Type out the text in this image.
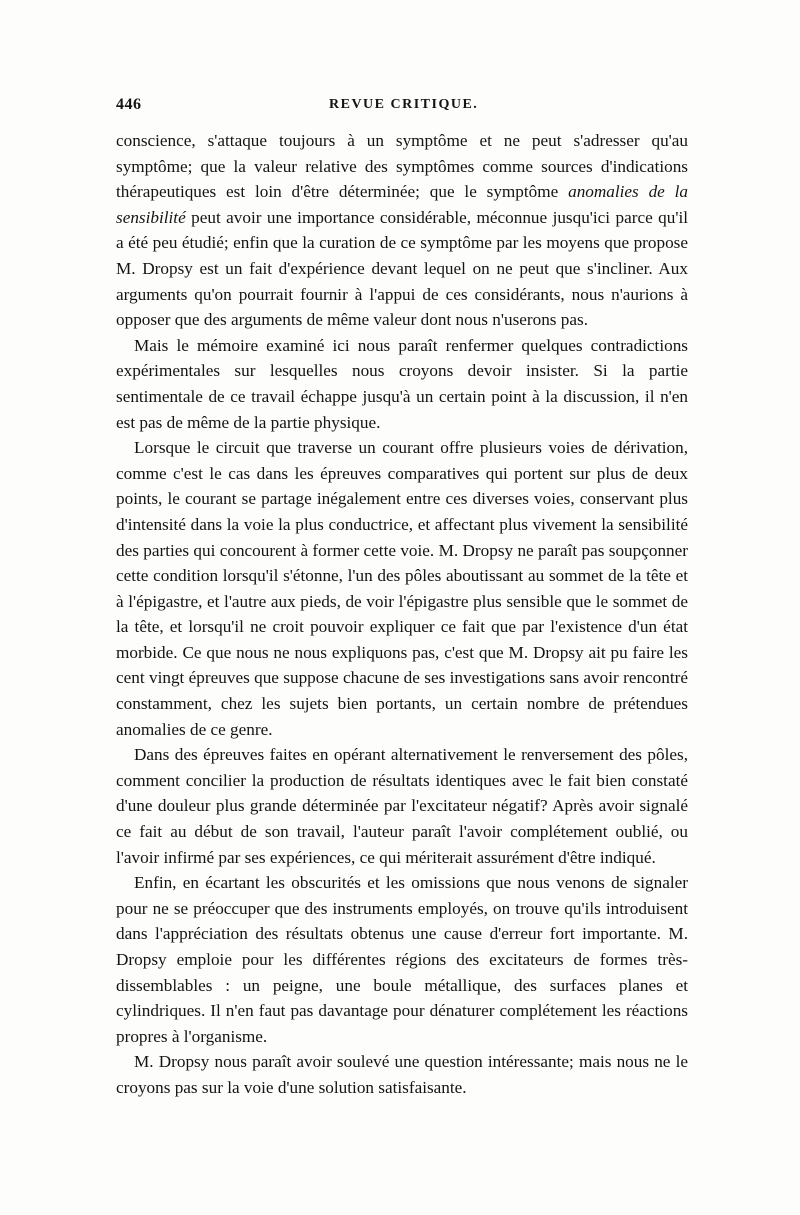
446	REVUE CRITIQUE.

conscience, s'attaque toujours à un symptôme et ne peut s'adresser qu'au symptôme; que la valeur relative des symptômes comme sources d'indications thérapeutiques est loin d'être déterminée; que le symptôme anomalies de la sensibilité peut avoir une importance considérable, méconnue jusqu'ici parce qu'il a été peu étudié; enfin que la curation de ce symptôme par les moyens que propose M. Dropsy est un fait d'expérience devant lequel on ne peut que s'incliner. Aux arguments qu'on pourrait fournir à l'appui de ces considérants, nous n'aurions à opposer que des arguments de même valeur dont nous n'userons pas.

Mais le mémoire examiné ici nous paraît renfermer quelques contradictions expérimentales sur lesquelles nous croyons devoir insister. Si la partie sentimentale de ce travail échappe jusqu'à un certain point à la discussion, il n'en est pas de même de la partie physique.

Lorsque le circuit que traverse un courant offre plusieurs voies de dérivation, comme c'est le cas dans les épreuves comparatives qui portent sur plus de deux points, le courant se partage inégalement entre ces diverses voies, conservant plus d'intensité dans la voie la plus conductrice, et affectant plus vivement la sensibilité des parties qui concourent à former cette voie. M. Dropsy ne paraît pas soupçonner cette condition lorsqu'il s'étonne, l'un des pôles aboutissant au sommet de la tête et à l'épigastre, et l'autre aux pieds, de voir l'épigastre plus sensible que le sommet de la tête, et lorsqu'il ne croit pouvoir expliquer ce fait que par l'existence d'un état morbide. Ce que nous ne nous expliquons pas, c'est que M. Dropsy ait pu faire les cent vingt épreuves que suppose chacune de ses investigations sans avoir rencontré constamment, chez les sujets bien portants, un certain nombre de prétendues anomalies de ce genre.

Dans des épreuves faites en opérant alternativement le renversement des pôles, comment concilier la production de résultats identiques avec le fait bien constaté d'une douleur plus grande déterminée par l'excitateur négatif? Après avoir signalé ce fait au début de son travail, l'auteur paraît l'avoir complétement oublié, ou l'avoir infirmé par ses expériences, ce qui mériterait assurément d'être indiqué.

Enfin, en écartant les obscurités et les omissions que nous venons de signaler pour ne se préoccuper que des instruments employés, on trouve qu'ils introduisent dans l'appréciation des résultats obtenus une cause d'erreur fort importante. M. Dropsy emploie pour les différentes régions des excitateurs de formes très-dissemblables : un peigne, une boule métallique, des surfaces planes et cylindriques. Il n'en faut pas davantage pour dénaturer complétement les réactions propres à l'organisme.

M. Dropsy nous paraît avoir soulevé une question intéressante; mais nous ne le croyons pas sur la voie d'une solution satisfaisante.
